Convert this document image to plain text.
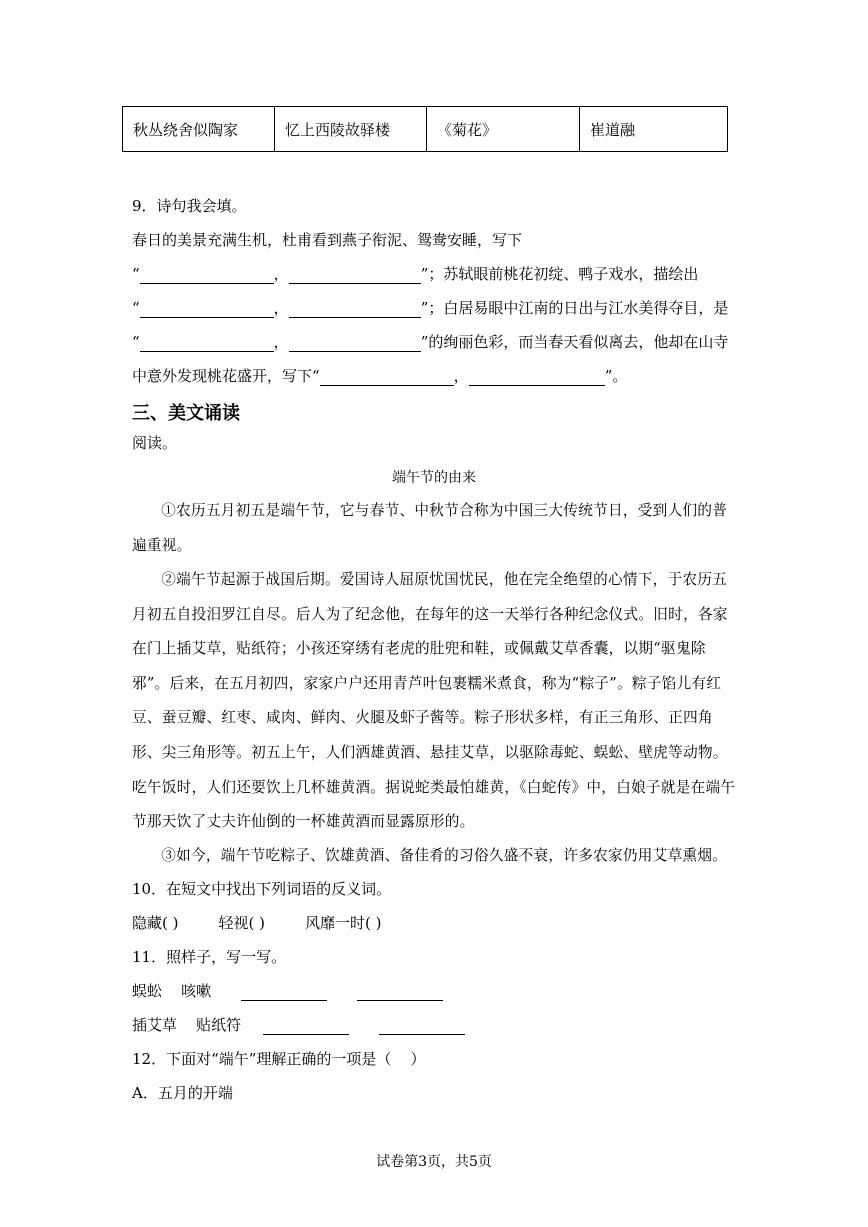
秋丛绕舍似陶家	忆上西陵故驿楼	《菊花》	崔道融
9．诗句我会填。
春日的美景充满生机，杜甫看到燕子衔泥、鸳鸯安睡，写下
“	，	”；苏轼眼前桃花初绽、鸭子戏水，描绘出
“	，	”；白居易眼中江南的日出与江水美得夺目，是
“	，	”的绚丽色彩，而当春天看似离去，他却在山寺
中意外发现桃花盛开，写下“	，	”。
三、美文诵读
阅读。
端午节的由来
①农历五月初五是端午节，它与春节、中秋节合称为中国三大传统节日，受到人们的普遍重视。
②端午节起源于战国后期。爱国诗人屈原忧国忧民，他在完全绝望的心情下，于农历五月初五自投汨罗江自尽。后人为了纪念他，在每年的这一天举行各种纪念仪式。旧时，各家在门上插艾草，贴纸符；小孩还穿绣有老虎的肚兜和鞋，或佩戴艾草香囊，以期“驱鬼除邪”。后来，在五月初四，家家户户还用青芦叶包裹糯米煮食，称为“粽子”。粽子馅儿有红豆、蚕豆瓣、红枣、咸肉、鲜肉、火腿及虾子酱等。粽子形状多样，有正三角形、正四角形、尖三角形等。初五上午，人们洒雄黄酒、悬挂艾草，以驱除毒蛇、蜈蚣、壁虎等动物。吃午饭时，人们还要饮上几杯雄黄酒。据说蛇类最怕雄黄，《白蛇传》中，白娘子就是在端午节那天饮了丈夫许仙倒的一杯雄黄酒而显露原形的。
③如今，端午节吃粽子、饮雄黄酒、备佳肴的习俗久盛不衰，许多农家仍用艾草熏烟。
10．在短文中找出下列词语的反义词。
隐藏( )	轻视( )	风靡一时( )
11．照样子，写一写。
蜈蚣    咳嗽
插艾草    贴纸符
12．下面对“端午”理解正确的一项是（    ）
A．五月的开端
试卷第3页，共5页
